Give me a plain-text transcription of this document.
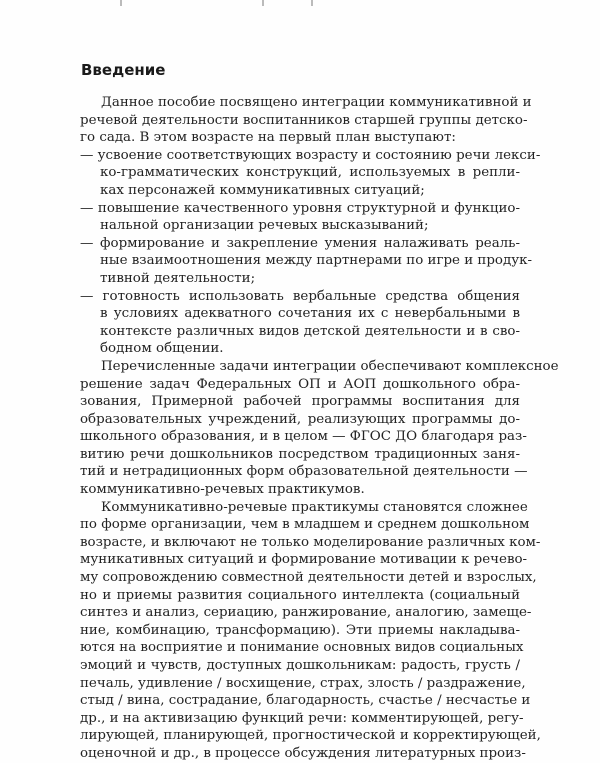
Введение
Данное пособие посвящено интеграции коммуникативной и
речевой деятельности воспитанников старшей группы детско-
го сада. В этом возрасте на первый план выступают:
— усвоение соответствующих возрасту и состоянию речи лекси-
ко-грамматических конструкций, используемых в репли-
ках персонажей коммуникативных ситуаций;
— повышение качественного уровня структурной и функцио-
нальной организации речевых высказываний;
— формирование и закрепление умения налаживать реаль-
ные взаимоотношения между партнерами по игре и продук-
тивной деятельности;
— готовность использовать вербальные средства общения
в условиях адекватного сочетания их с невербальными в
контексте различных видов детской деятельности и в сво-
бодном общении.
Перечисленные задачи интеграции обеспечивают комплексное
решение задач Федеральных ОП и АОП дошкольного обра-
зования, Примерной рабочей программы воспитания для
образовательных учреждений, реализующих программы до-
школьного образования, и в целом — ФГОС ДО благодаря раз-
витию речи дошкольников посредством традиционных заня-
тий и нетрадиционных форм образовательной деятельности —
коммуникативно-речевых практикумов.
Коммуникативно-речевые практикумы становятся сложнее
по форме организации, чем в младшем и среднем дошкольном
возрасте, и включают не только моделирование различных ком-
муникативных ситуаций и формирование мотивации к речево-
му сопровождению совместной деятельности детей и взрослых,
но и приемы развития социального интеллекта (социальный
синтез и анализ, сериацию, ранжирование, аналогию, замеще-
ние, комбинацию, трансформацию). Эти приемы накладыва-
ются на восприятие и понимание основных видов социальных
эмоций и чувств, доступных дошкольникам: радость, грусть /
печаль, удивление / восхищение, страх, злость / раздражение,
стыд / вина, сострадание, благодарность, счастье / несчастье и
др., и на активизацию функций речи: комментирующей, регу-
лирующей, планирующей, прогностической и корректирующей,
оценочной и др., в процессе обсуждения литературных произ-
